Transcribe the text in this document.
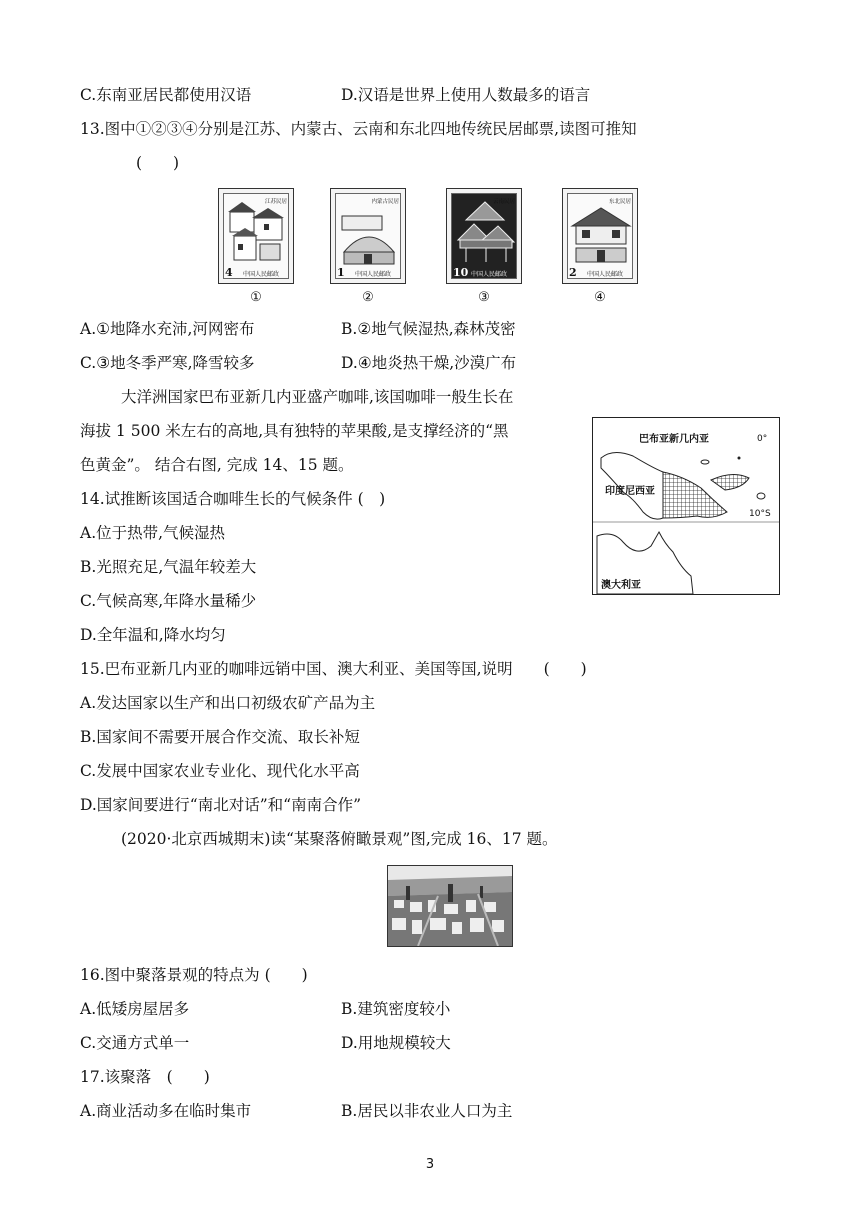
C.东南亚居民都使用汉语	D.汉语是世界上使用人数最多的语言
13.图中①②③④分别是江苏、内蒙古、云南和东北四地传统民居邮票,读图可推知
(　　)
江苏民居
4 中国人民邮政
内蒙古民居
1 中国人民邮政
云南民居
10 中国人民邮政
东北民居
2 中国人民邮政
①	②	③	④
A.①地降水充沛,河网密布	B.②地气候湿热,森林茂密
C.③地冬季严寒,降雪较多	D.④地炎热干燥,沙漠广布
大洋洲国家巴布亚新几内亚盛产咖啡,该国咖啡一般生长在
海拔 1 500 米左右的高地,具有独特的苹果酸,是支撑经济的“黑
色黄金”。 结合右图, 完成 14、15 题。
巴布亚新几内亚	0°
印度尼西亚
10°S
澳大利亚
14.试推断该国适合咖啡生长的气候条件 (　)
A.位于热带,气候湿热
B.光照充足,气温年较差大
C.气候高寒,年降水量稀少
D.全年温和,降水均匀
15.巴布亚新几内亚的咖啡远销中国、澳大利亚、美国等国,说明　　(　　)
A.发达国家以生产和出口初级农矿产品为主
B.国家间不需要开展合作交流、取长补短
C.发展中国家农业专业化、现代化水平高
D.国家间要进行“南北对话”和“南南合作”
(2020·北京西城期末)读“某聚落俯瞰景观”图,完成 16、17 题。
16.图中聚落景观的特点为 (　　)
A.低矮房屋居多	B.建筑密度较小
C.交通方式单一	D.用地规模较大
17.该聚落　(　　)
A.商业活动多在临时集市	B.居民以非农业人口为主
3
